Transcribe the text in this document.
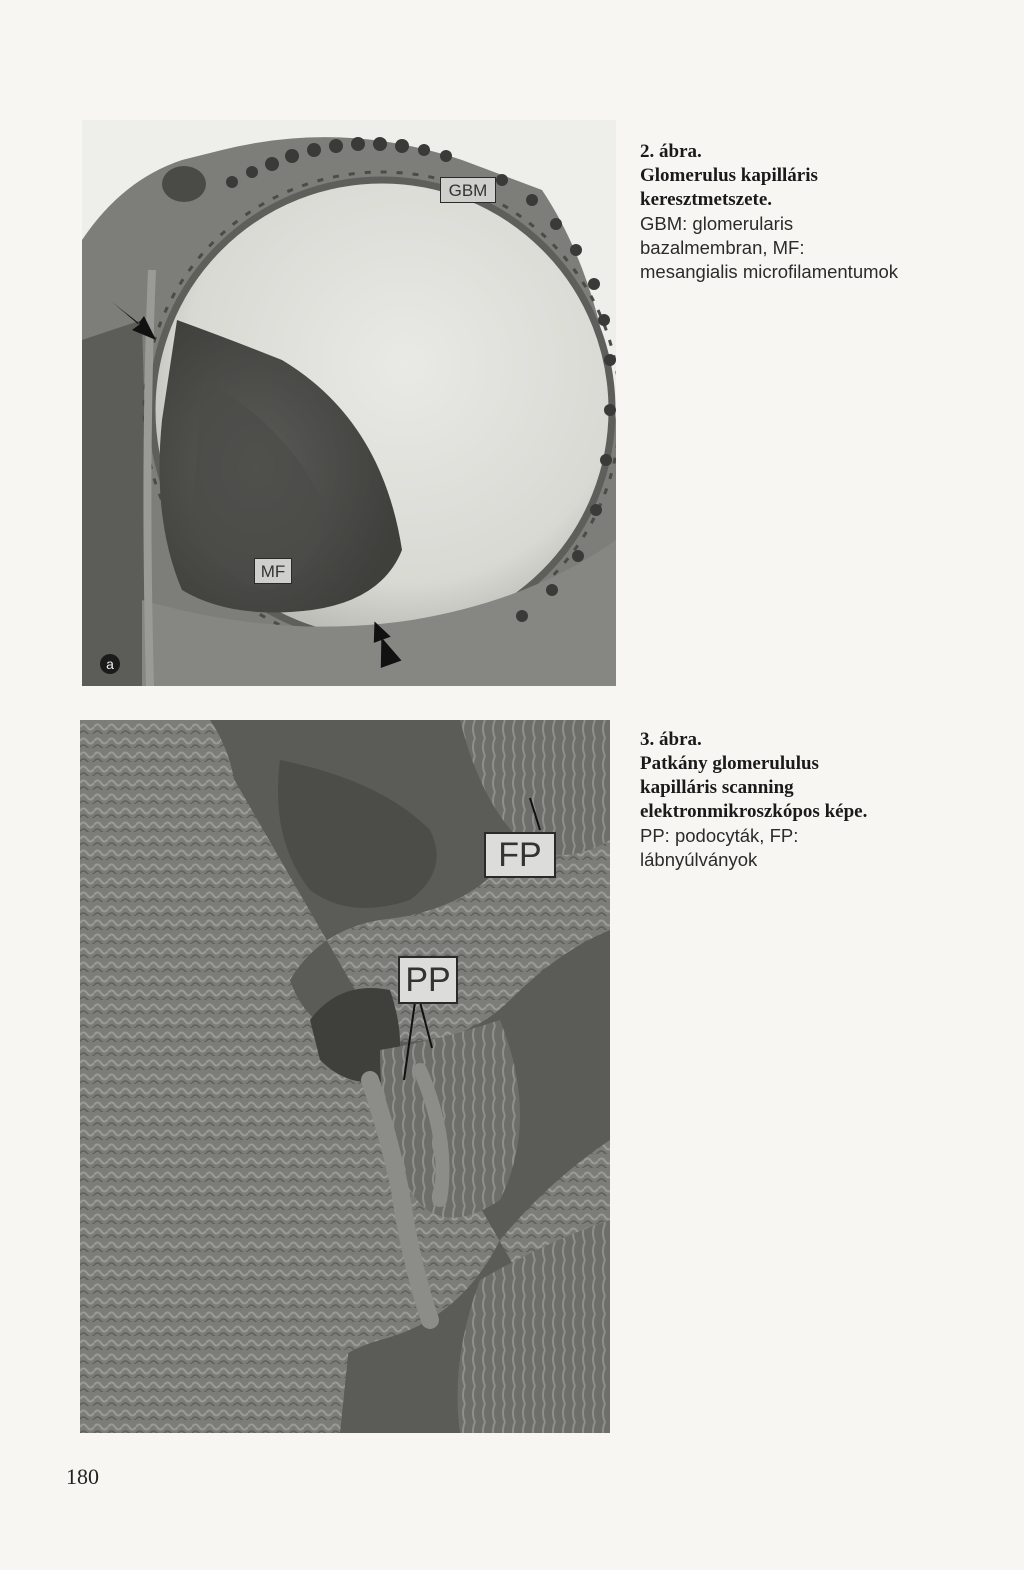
GBM
MF
a
2. ábra.
Glomerulus kapilláris keresztmetszete.
GBM: glomerularis bazalmembran, MF: mesangialis microfilamentumok
FP
PP
3. ábra.
Patkány glomerululus kapilláris scanning elektronmikroszkópos képe.
PP: podocyták, FP: lábnyúlványok
180
